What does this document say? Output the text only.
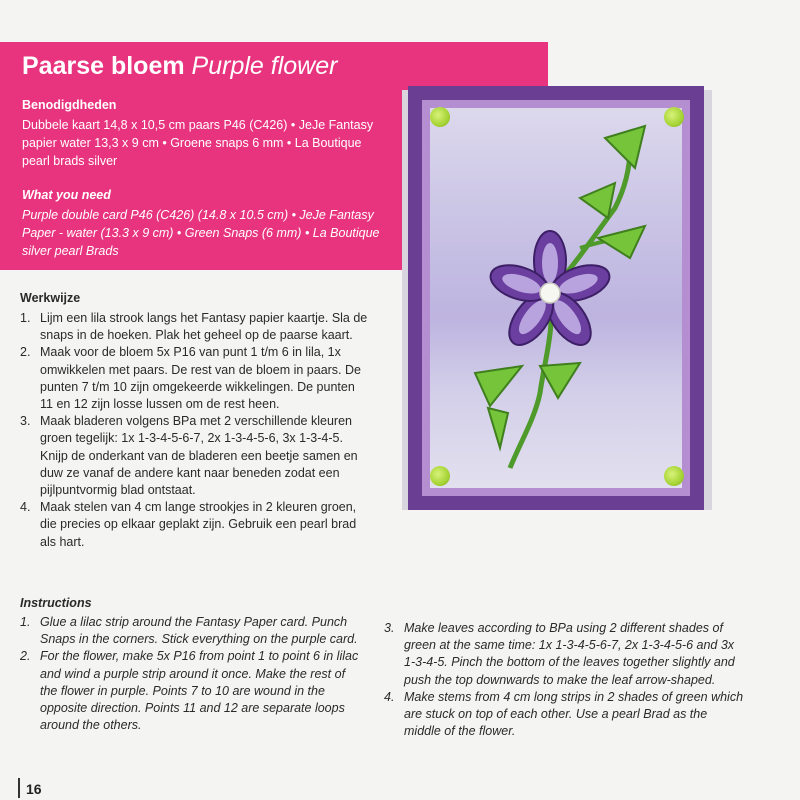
Paarse bloem Purple flower
Benodigdheden
Dubbele kaart 14,8 x 10,5 cm paars P46 (C426) • JeJe Fantasy papier water 13,3 x 9 cm • Groene snaps 6 mm • La Boutique pearl brads silver
What you need
Purple double card P46 (C426) (14.8 x 10.5 cm) • JeJe Fantasy Paper - water (13.3 x 9 cm) • Green Snaps (6 mm) • La Boutique silver pearl Brads
Werkwijze
1. Lijm een lila strook langs het Fantasy papier kaartje. Sla de snaps in de hoeken. Plak het geheel op de paarse kaart.
2. Maak voor de bloem 5x P16 van punt 1 t/m 6 in lila, 1x omwikkelen met paars. De rest van de bloem in paars. De punten 7 t/m 10 zijn omgekeerde wikkelingen. De punten 11 en 12 zijn losse lussen om de rest heen.
3. Maak bladeren volgens BPa met 2 verschillende kleuren groen tegelijk: 1x 1-3-4-5-6-7, 2x 1-3-4-5-6, 3x 1-3-4-5. Knijp de onderkant van de bladeren een beetje samen en duw ze vanaf de andere kant naar beneden zodat een pijlpuntvormig blad ontstaat.
4. Maak stelen van 4 cm lange strookjes in 2 kleuren groen, die precies op elkaar geplakt zijn. Gebruik een pearl brad als hart.
Instructions
1. Glue a lilac strip around the Fantasy Paper card. Punch Snaps in the corners. Stick everything on the purple card.
2. For the flower, make 5x P16 from point 1 to point 6 in lilac and wind a purple strip around it once. Make the rest of the flower in purple. Points 7 to 10 are wound in the opposite direction. Points 11 and 12 are separate loops around the others.
3. Make leaves according to BPa using 2 different shades of green at the same time: 1x 1-3-4-5-6-7, 2x 1-3-4-5-6 and 3x 1-3-4-5. Pinch the bottom of the leaves together slightly and push the top downwards to make the leaf arrow-shaped.
4. Make stems from 4 cm long strips in 2 shades of green which are stuck on top of each other. Use a pearl Brad as the middle of the flower.
16
